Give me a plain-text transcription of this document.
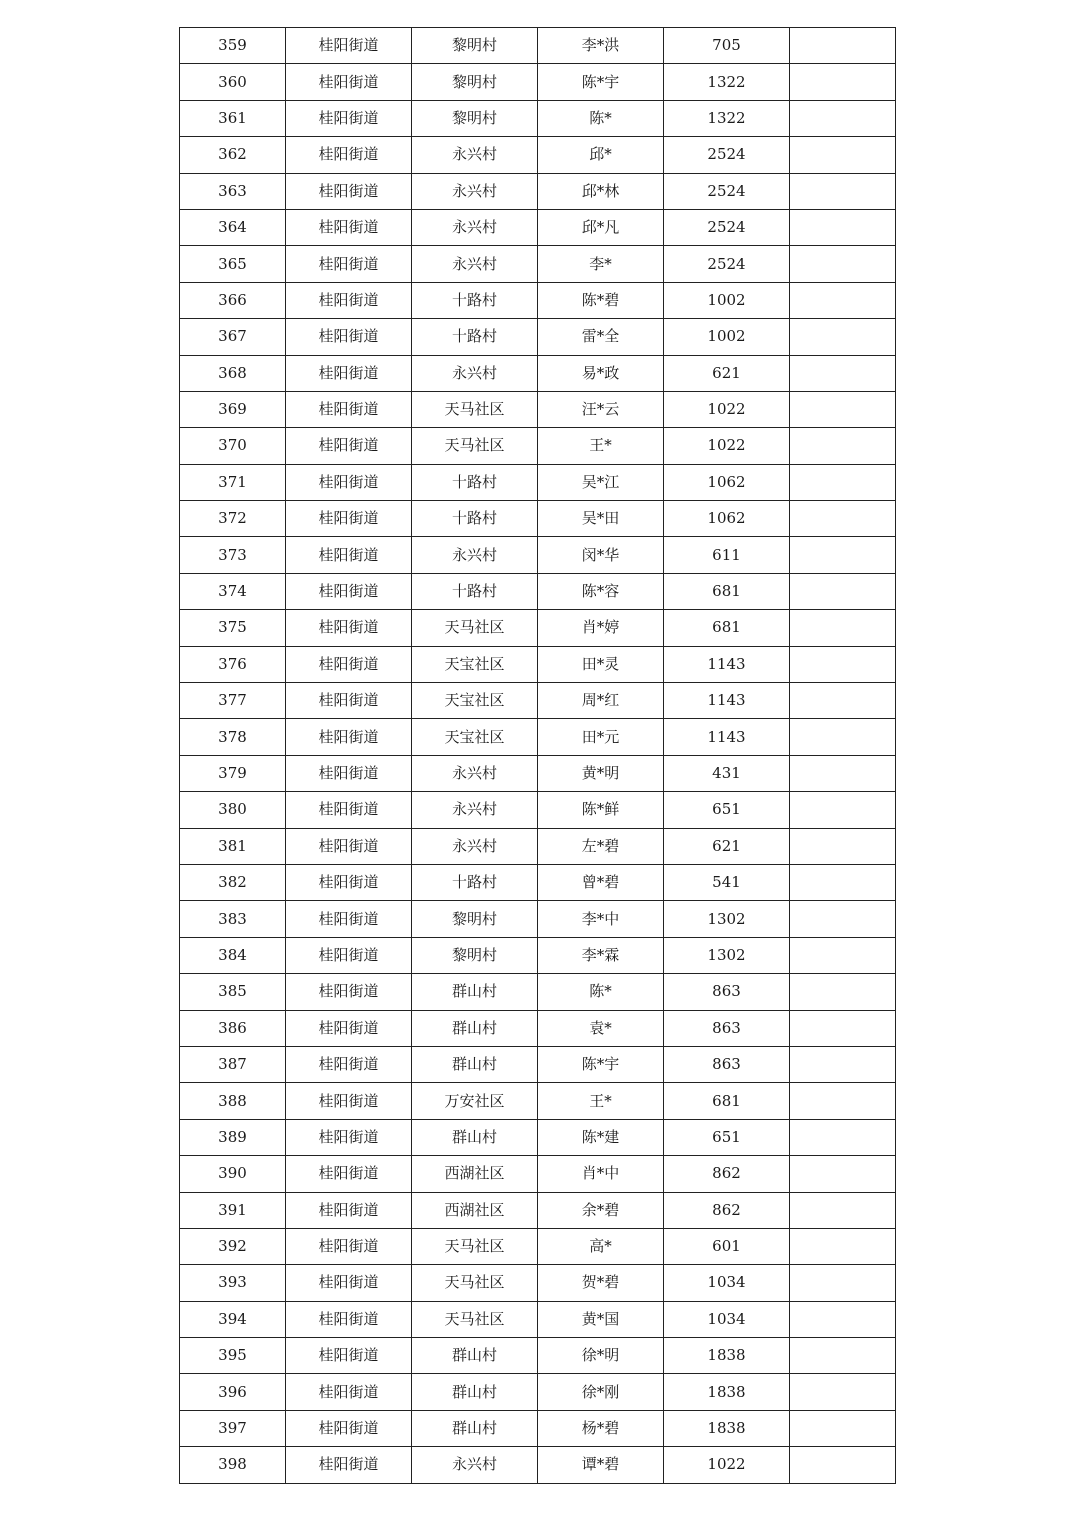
359	桂阳街道	黎明村	李*洪	705	
360	桂阳街道	黎明村	陈*宇	1322	
361	桂阳街道	黎明村	陈*	1322	
362	桂阳街道	永兴村	邱*	2524	
363	桂阳街道	永兴村	邱*林	2524	
364	桂阳街道	永兴村	邱*凡	2524	
365	桂阳街道	永兴村	李*	2524	
366	桂阳街道	十路村	陈*碧	1002	
367	桂阳街道	十路村	雷*全	1002	
368	桂阳街道	永兴村	易*政	621	
369	桂阳街道	天马社区	汪*云	1022	
370	桂阳街道	天马社区	王*	1022	
371	桂阳街道	十路村	吴*江	1062	
372	桂阳街道	十路村	吴*田	1062	
373	桂阳街道	永兴村	闵*华	611	
374	桂阳街道	十路村	陈*容	681	
375	桂阳街道	天马社区	肖*婷	681	
376	桂阳街道	天宝社区	田*灵	1143	
377	桂阳街道	天宝社区	周*红	1143	
378	桂阳街道	天宝社区	田*元	1143	
379	桂阳街道	永兴村	黄*明	431	
380	桂阳街道	永兴村	陈*鲜	651	
381	桂阳街道	永兴村	左*碧	621	
382	桂阳街道	十路村	曾*碧	541	
383	桂阳街道	黎明村	李*中	1302	
384	桂阳街道	黎明村	李*霖	1302	
385	桂阳街道	群山村	陈*	863	
386	桂阳街道	群山村	袁*	863	
387	桂阳街道	群山村	陈*宇	863	
388	桂阳街道	万安社区	王*	681	
389	桂阳街道	群山村	陈*建	651	
390	桂阳街道	西湖社区	肖*中	862	
391	桂阳街道	西湖社区	余*碧	862	
392	桂阳街道	天马社区	高*	601	
393	桂阳街道	天马社区	贺*碧	1034	
394	桂阳街道	天马社区	黄*国	1034	
395	桂阳街道	群山村	徐*明	1838	
396	桂阳街道	群山村	徐*刚	1838	
397	桂阳街道	群山村	杨*碧	1838	
398	桂阳街道	永兴村	谭*碧	1022	
